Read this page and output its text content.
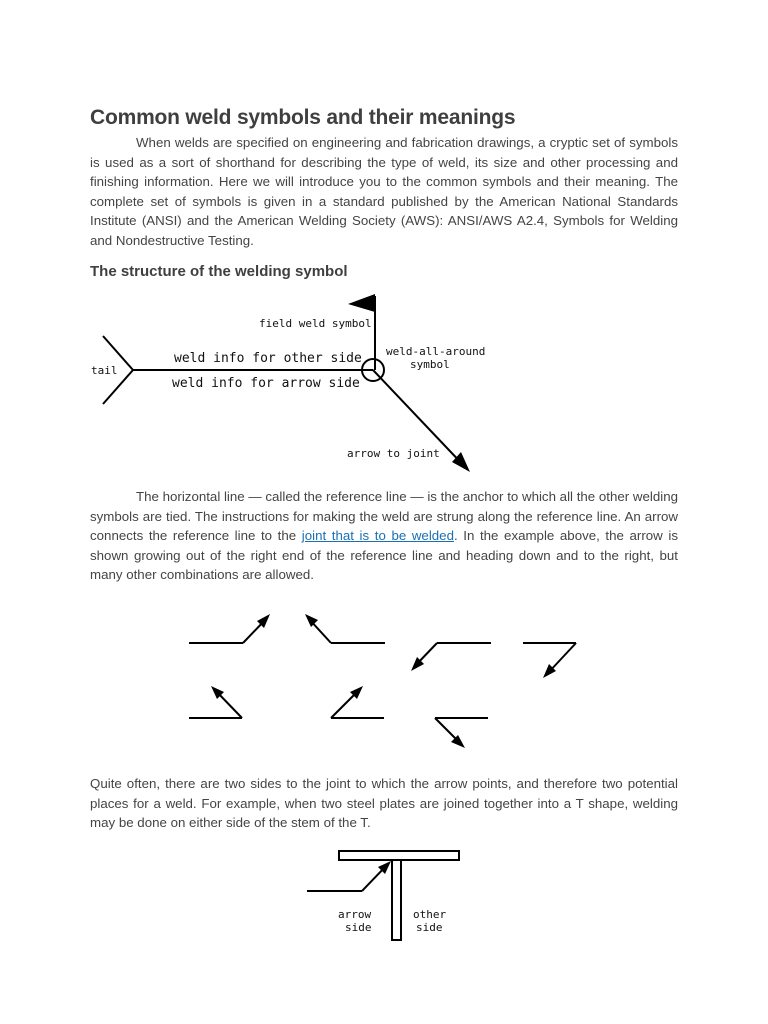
Common weld symbols and their meanings

When welds are specified on engineering and fabrication drawings, a cryptic set of symbols is used as a sort of shorthand for describing the type of weld, its size and other processing and finishing information. Here we will introduce you to the common symbols and their meaning. The complete set of symbols is given in a standard published by the American National Standards Institute (ANSI) and the American Welding Society (AWS): ANSI/AWS A2.4, Symbols for Welding and Nondestructive Testing.

The structure of the welding symbol
field weld symbol
weld-all-around
symbol
tail
weld info for other side
weld info for arrow side
arrow to joint
arrow
side
other
side

The horizontal line — called the reference line — is the anchor to which all the other welding symbols are tied. The instructions for making the weld are strung along the reference line. An arrow connects the reference line to the joint that is to be welded. In the example above, the arrow is shown growing out of the right end of the reference line and heading down and to the right, but many other combinations are allowed.

Quite often, there are two sides to the joint to which the arrow points, and therefore two potential places for a weld. For example, when two steel plates are joined together into a T shape, welding may be done on either side of the stem of the T.
